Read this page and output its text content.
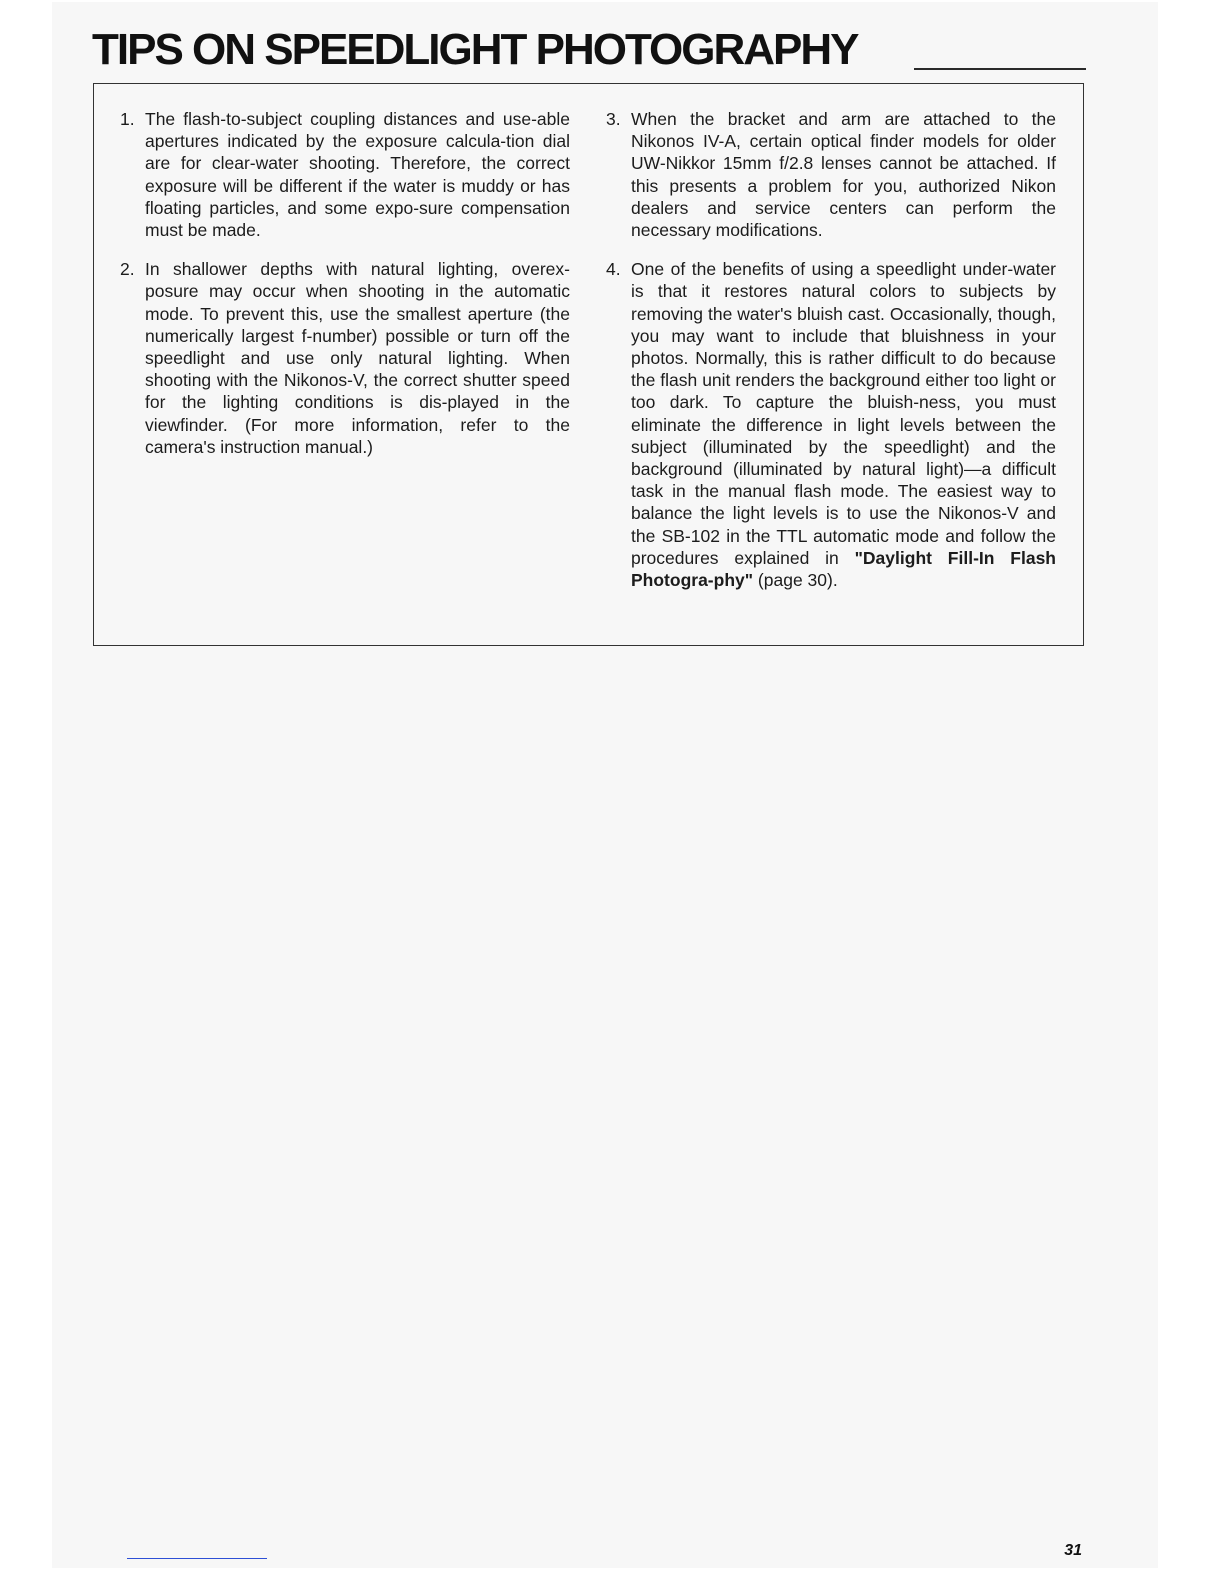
TIPS ON SPEEDLIGHT PHOTOGRAPHY
1. The flash-to-subject coupling distances and use-able apertures indicated by the exposure calcula-tion dial are for clear-water shooting. Therefore, the correct exposure will be different if the water is muddy or has floating particles, and some expo-sure compensation must be made.
2. In shallower depths with natural lighting, overex-posure may occur when shooting in the automatic mode. To prevent this, use the smallest aperture (the numerically largest f-number) possible or turn off the speedlight and use only natural lighting. When shooting with the Nikonos-V, the correct shutter speed for the lighting conditions is dis-played in the viewfinder. (For more information, refer to the camera's instruction manual.)
3. When the bracket and arm are attached to the Nikonos IV-A, certain optical finder models for older UW-Nikkor 15mm f/2.8 lenses cannot be attached. If this presents a problem for you, authorized Nikon dealers and service centers can perform the necessary modifications.
4. One of the benefits of using a speedlight under-water is that it restores natural colors to subjects by removing the water's bluish cast. Occasionally, though, you may want to include that bluishness in your photos. Normally, this is rather difficult to do because the flash unit renders the background either too light or too dark. To capture the bluish-ness, you must eliminate the difference in light levels between the subject (illuminated by the speedlight) and the background (illuminated by natural light)—a difficult task in the manual flash mode. The easiest way to balance the light levels is to use the Nikonos-V and the SB-102 in the TTL automatic mode and follow the procedures explained in "Daylight Fill-In Flash Photogra-phy" (page 30).
31
